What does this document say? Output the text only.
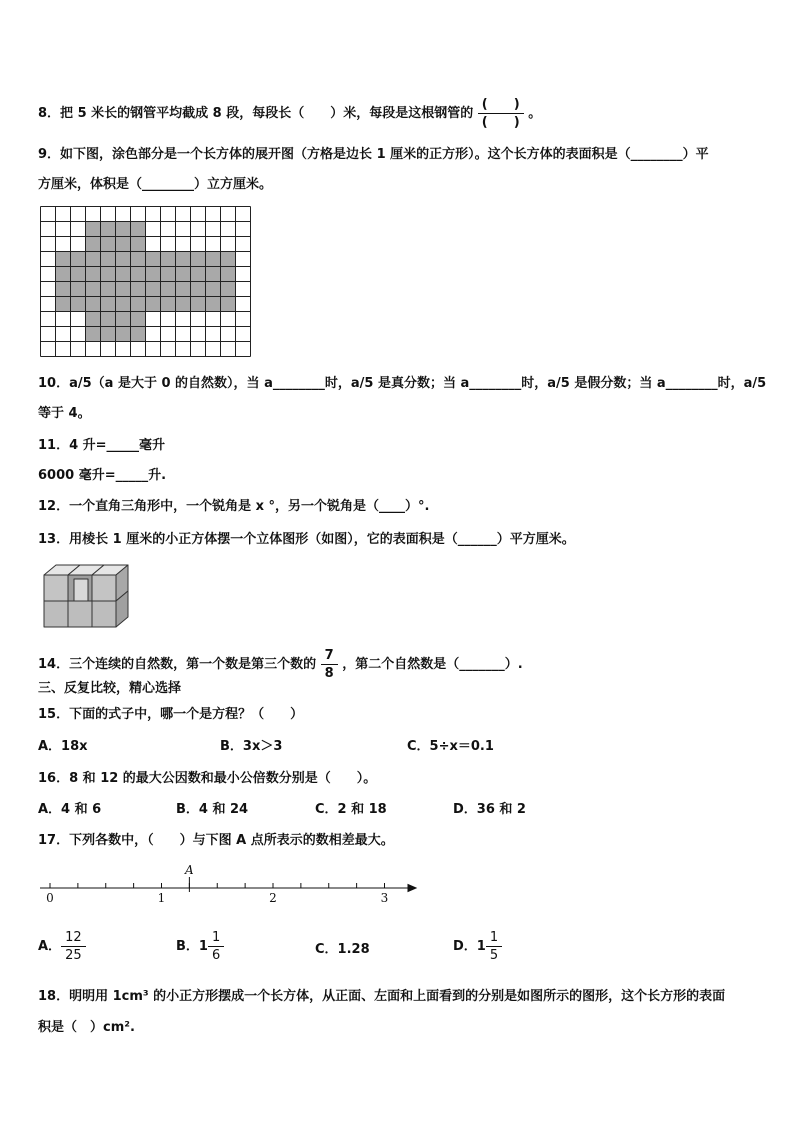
8．把 5 米长的钢管平均截成 8 段，每段长（　　）米，每段是这根钢管的 $\frac{( )}{( )}$ 。
9．如下图，涂色部分是一个长方体的展开图（方格是边长 1 厘米的正方形）。这个长方体的表面积是（________）平
方厘米，体积是（________）立方厘米。
10．a/5（a 是大于 0 的自然数），当 a________时，a/5 是真分数；当 a________时，a/5 是假分数；当 a________时，a/5
等于 4。
11．4 升=_____毫升
6000 毫升=_____升.
12．一个直角三角形中，一个锐角是 x °，另一个锐角是（____）°.
13．用棱长 1 厘米的小正方体摆一个立体图形（如图），它的表面积是（______）平方厘米。
14．三个连续的自然数，第一个数是第三个数的 $\frac{7}{8}$ ，第二个自然数是（_______）.
三、反复比较，精心选择
15．下面的式子中，哪一个是方程？（　　）
A．18x	B．3x＞3	C．5÷x＝0.1
16．8 和 12 的最大公因数和最小公倍数分别是（　　）。
A．4 和 6	B．4 和 24	C．2 和 18	D．36 和 2
17．下列各数中，（　　）与下图 A 点所表示的数相差最大。
0	1	2	3
A
A． $\frac{12}{25}$	B．$1 \frac{1}{6}$	C．1.28	D．$1 \frac{1}{5}$
18．明明用 1cm³ 的小正方形摆成一个长方体，从正面、左面和上面看到的分别是如图所示的图形，这个长方形的表面
积是（　）cm².
